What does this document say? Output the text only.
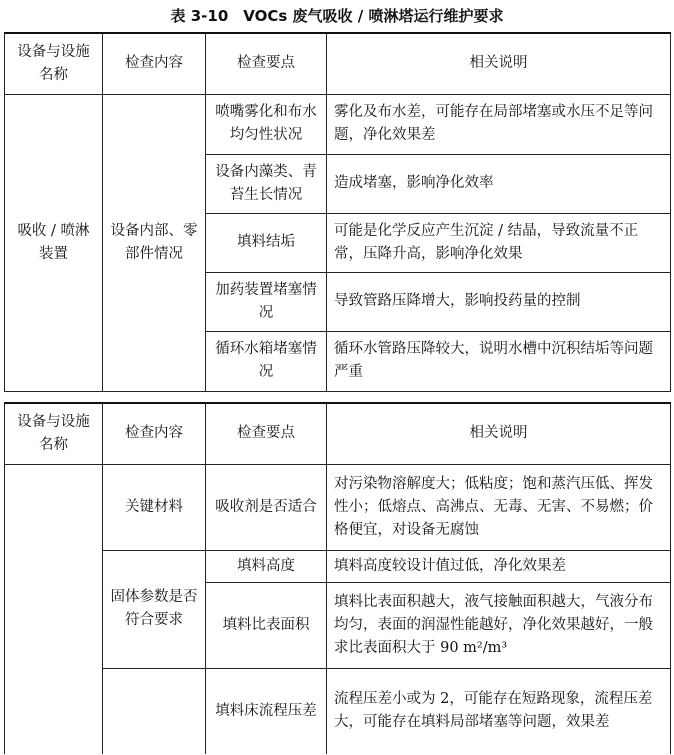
表 3-10　VOCs 废气吸收 / 喷淋塔运行维护要求
设备与设施名称	检查内容	检查要点	相关说明
吸收 / 喷淋装置	设备内部、零部件情况	喷嘴雾化和布水均匀性状况	雾化及布水差，可能存在局部堵塞或水压不足等问题，净化效果差
		设备内藻类、青苔生长情况	造成堵塞，影响净化效率
		填料结垢	可能是化学反应产生沉淀 / 结晶，导致流量不正常，压降升高，影响净化效果
		加药装置堵塞情况	导致管路压降增大，影响投药量的控制
		循环水箱堵塞情况	循环水管路压降较大，说明水槽中沉积结垢等问题严重
设备与设施名称	检查内容	检查要点	相关说明
	关键材料	吸收剂是否适合	对污染物溶解度大；低粘度；饱和蒸汽压低、挥发性小；低熔点、高沸点、无毒、无害、不易燃；价格便宜，对设备无腐蚀
	固体参数是否符合要求	填料高度	填料高度较设计值过低，净化效果差
		填料比表面积	填料比表面积越大，液气接触面积越大，气液分布均匀，表面的润湿性能越好，净化效果越好，一般求比表面积大于 90 m²/m³
		填料床流程压差	流程压差小或为 2，可能存在短路现象，流程压差大，可能存在填料局部堵塞等问题，效果差
